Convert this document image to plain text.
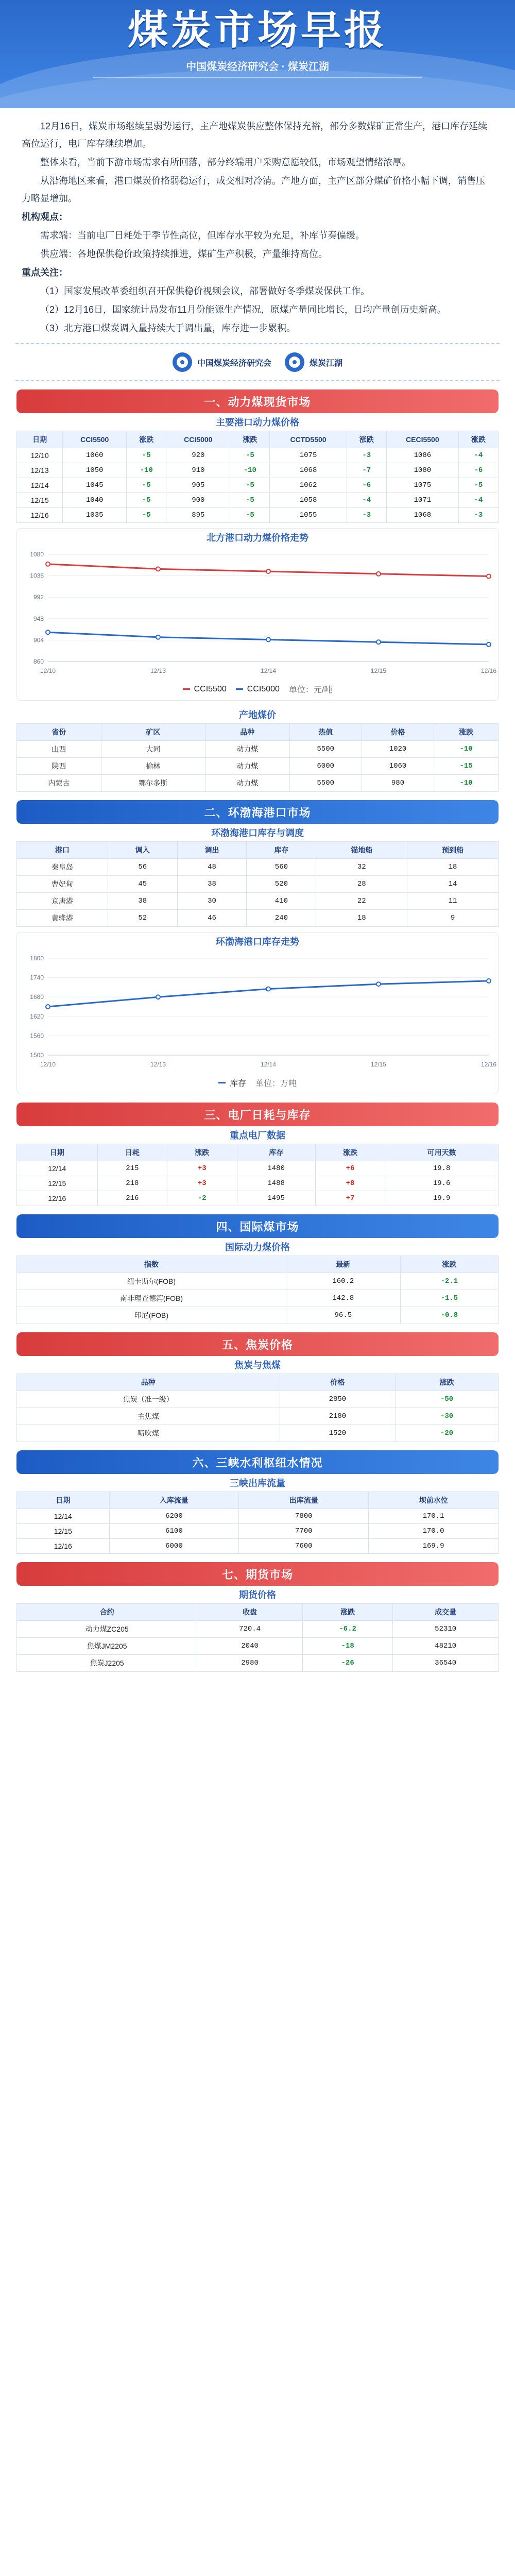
煤炭市场早报
中国煤炭经济研究会 · 煤炭江湖

12月16日，煤炭市场继续呈弱势运行，主产地煤炭供应整体保持充裕，部分多数煤矿正常生产，港口库存延续高位运行，电厂库存继续增加。

整体来看，当前下游市场需求有所回落，部分终端用户采购意愿较低，市场观望情绪浓厚。

从沿海地区来看，港口煤炭价格弱稳运行，成交相对冷清。产地方面，主产区部分煤矿价格小幅下调，销售压力略显增加。

机构观点：

需求端：当前电厂日耗处于季节性高位，但库存水平较为充足，补库节奏偏缓。

供应端：各地保供稳价政策持续推进，煤矿生产积极，产量维持高位。

重点关注：

（1）国家发展改革委组织召开保供稳价视频会议，部署做好冬季煤炭保供工作。

（2）12月16日，国家统计局发布11月份能源生产情况，原煤产量同比增长，日均产量创历史新高。

（3）北方港口煤炭调入量持续大于调出量，库存进一步累积。

中国煤炭经济研究会	煤炭江湖
一、动力煤现货市场
主要港口动力煤价格
日期	CCI5500	涨跌	CCI5000	涨跌	CCTD5500	涨跌	CECI5500	涨跌
12/10	1060	-5	920	-5	1075	-3	1086	-4
12/13	1050	-10	910	-10	1068	-7	1080	-6
12/14	1045	-5	905	-5	1062	-6	1075	-5
12/15	1040	-5	900	-5	1058	-4	1071	-4
12/16	1035	-5	895	-5	1055	-3	1068	-3
北方港口动力煤价格走势
860
904
948
992
1036
1080
12/10	12/13	12/14	12/15	12/16
CCI5500	CCI5000 单位：元/吨
产地煤价
省份	矿区	品种	热值	价格	涨跌
山西	大同	动力煤	5500	1020	-10
陕西	榆林	动力煤	6000	1060	-15
内蒙古	鄂尔多斯	动力煤	5500	980	-10
二、环渤海港口市场
环渤海港口库存与调度
港口	调入	调出	库存	锚地船	预到船
秦皇岛	56	48	560	32	18
曹妃甸	45	38	520	28	14
京唐港	38	30	410	22	11
黄骅港	52	46	240	18	9
环渤海港口库存走势
1500
1560
1620
1680
1740
1800
12/10	12/13	12/14	12/15	12/16
库存 单位：万吨
三、电厂日耗与库存
重点电厂数据
日期	日耗	涨跌	库存	涨跌	可用天数
12/14	215	+3	1480	+6	19.8
12/15	218	+3	1488	+8	19.6
12/16	216	-2	1495	+7	19.9
四、国际煤市场
国际动力煤价格
指数	最新	涨跌
纽卡斯尔(FOB)	160.2	-2.1
南非理查德湾(FOB)	142.8	-1.5
印尼(FOB)	96.5	-0.8
五、焦炭价格
焦炭与焦煤
品种	价格	涨跌
焦炭（准一级）	2850	-50
主焦煤	2180	-30
喷吹煤	1520	-20
六、三峡水利枢纽水情况
三峡出库流量
日期	入库流量	出库流量	坝前水位
12/14	6200	7800	170.1
12/15	6100	7700	170.0
12/16	6000	7600	169.9
七、期货市场
期货价格
合约	收盘	涨跌	成交量
动力煤ZC205	720.4	-6.2	52310
焦煤JM2205	2040	-18	48210
焦炭J2205	2980	-26	36540
